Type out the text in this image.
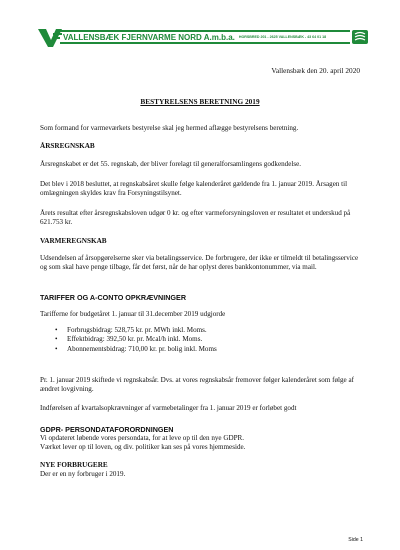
VALLENSBÆK FJERNVARME NORD A.m.b.a. HORSBRED 201 - 2625 VALLENSBÆK - 43 64 01 18
Vallensbæk den 20. april 2020
BESTYRELSENS BERETNING 2019

Som formand for varmeværkets bestyrelse skal jeg hermed aflægge bestyrelsens beretning.

ÅRSREGNSKAB

Årsregnskabet er det 55. regnskab, der bliver forelagt til generalforsamlingens godkendelse.

Det blev i 2018 besluttet, at regnskabsåret skulle følge kalenderåret gældende fra 1. januar 2019. Årsagen til omlægningen skyldes krav fra Forsyningstilsynet.

Årets resultat efter årsregnskabsloven udgør 0 kr. og efter varmeforsyningsloven er resultatet et underskud på 621.753 kr.

VARMEREGNSKAB

Udsendelsen af årsopgørelserne sker via betalingsservice. De forbrugere, der ikke er tilmeldt til betalingsservice og som skal have penge tilbage, får det først, når de har oplyst deres bankkontonummer, via mail.

TARIFFER OG A-CONTO OPKRÆVNINGER

Tarifferne for budgetåret 1. januar til 31.december 2019 udgjorde

• Forbrugsbidrag: 528,75 kr. pr. MWh inkl. Moms.
• Effektbidrag: 392,50 kr. pr. Mcal/h inkl. Moms.
• Abonnementsbidrag: 710,00 kr. pr. bolig inkl. Moms

Pr. 1. januar 2019 skiftede vi regnskabsår. Dvs. at vores regnskabsår fremover følger kalenderåret som følge af ændret lovgivning.

Indførelsen af kvartalsopkrævninger af varmebetalinger fra 1. januar 2019 er forløbet godt

GDPR- PERSONDATAFORORDNINGEN

Vi opdateret løbende vores persondata, for at leve op til den nye GDPR.

Værket lever op til loven, og div. politiker kan ses på vores hjemmeside.

NYE FORBRUGERE

Der er en ny forbruger i 2019.

Side 1
